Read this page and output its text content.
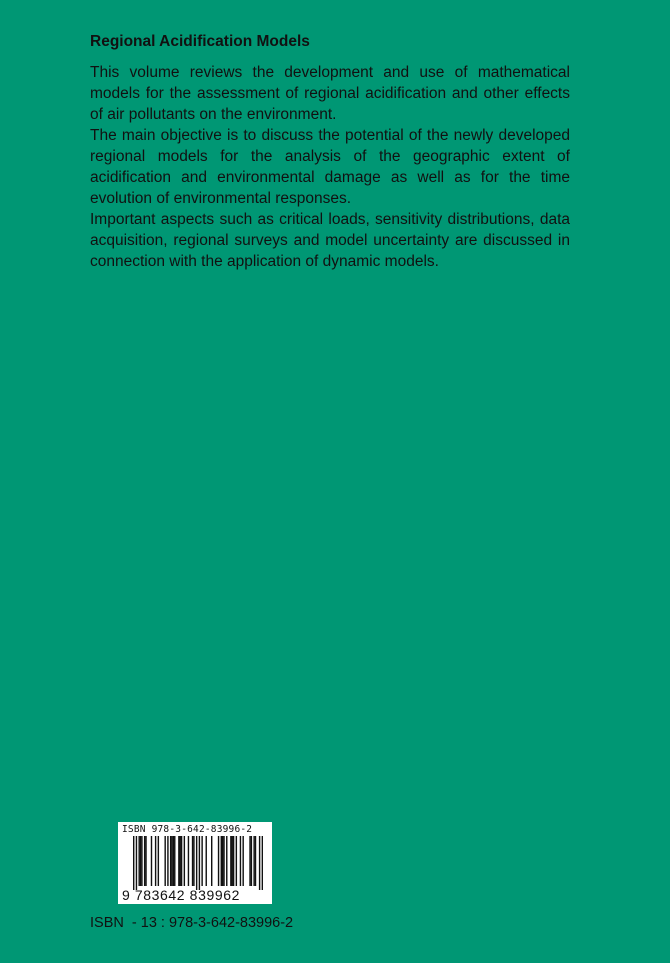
Regional Acidification Models

This volume reviews the development and use of mathematical models for the assessment of regional acidification and other effects of air pollutants on the environment.

The main objective is to discuss the potential of the newly developed regional models for the analysis of the geographic extent of acidification and environmental damage as well as for the time evolution of environmental responses.

Important aspects such as critical loads, sensitivity distributions, data acquisition, regional surveys and model uncertainty are discussed in connection with the application of dynamic models.

ISBN 978-3-642-83996-2
9 783642 839962
ISBN  - 13 : 978-3-642-83996-2
